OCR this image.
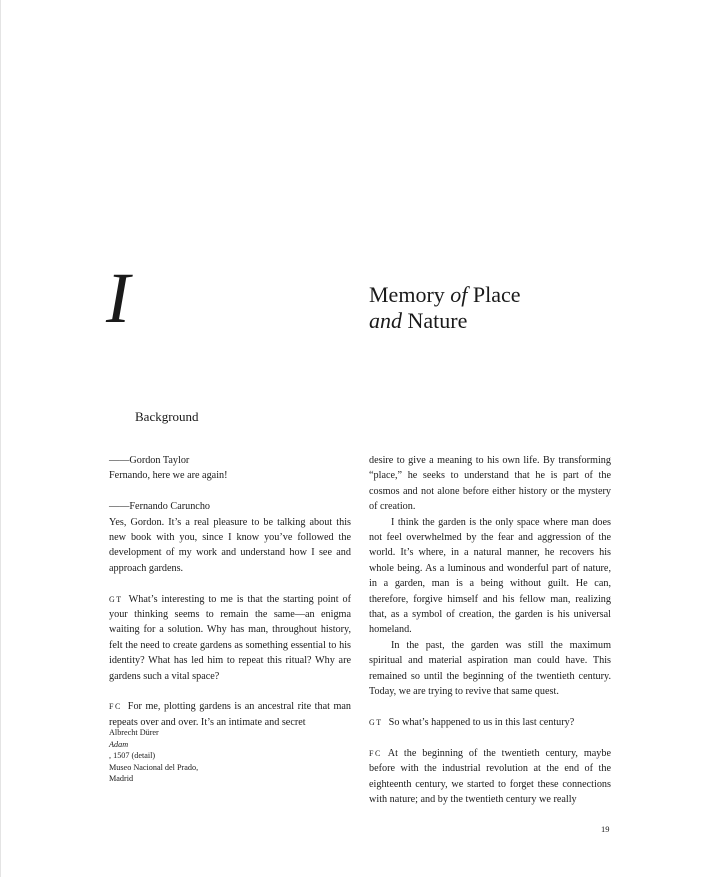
I	Memory of Place
and Nature
Background

——Gordon Taylor

Fernando, here we are again!

——Fernando Caruncho

Yes, Gordon. It’s a real pleasure to be talking about this new book with you, since I know you’ve followed the development of my work and understand how I see and approach gardens.

GT What’s interesting to me is that the starting point of your thinking seems to remain the same—an enigma waiting for a solution. Why has man, throughout history, felt the need to create gardens as something essential to his identity? What has led him to repeat this ritual? Why are gardens such a vital space?

FC For me, plotting gardens is an ancestral rite that man repeats over and over. It’s an intimate and secret

desire to give a meaning to his own life. By transforming “place,” he seeks to understand that he is part of the cosmos and not alone before either history or the mystery of creation.

I think the garden is the only space where man does not feel overwhelmed by the fear and aggression of the world. It’s where, in a natural manner, he recovers his whole being. As a luminous and wonderful part of nature, in a garden, man is a being without guilt. He can, therefore, forgive himself and his fellow man, realizing that, as a symbol of creation, the garden is his universal homeland.

In the past, the garden was still the maximum spiritual and material aspiration man could have. This remained so until the beginning of the twentieth century. Today, we are trying to revive that same quest.

GT So what’s happened to us in this last century?

FC At the beginning of the twentieth century, maybe before with the industrial revolution at the end of the eighteenth century, we started to forget these connections with nature; and by the twentieth century we really

Albrecht Dürer
Adam
, 1507 (detail)
Museo Nacional del Prado,
Madrid
19
